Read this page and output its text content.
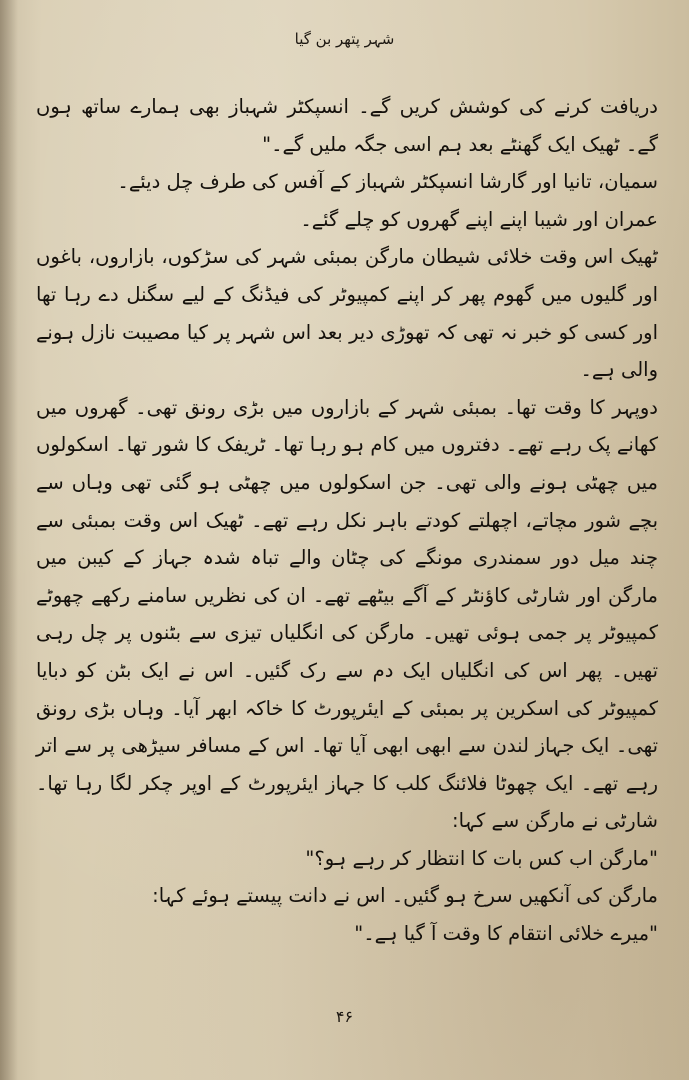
شہر پتھر بن گیا

دریافت کرنے کی کوشش کریں گے۔ انسپکٹر شہباز بھی ہمارے ساتھ ہوں گے۔ ٹھیک ایک گھنٹے بعد ہم اسی جگہ ملیں گے۔"

سمیان، تانیا اور گارشا انسپکٹر شہباز کے آفس کی طرف چل دیئے۔

عمران اور شیبا اپنے اپنے گھروں کو چلے گئے۔

ٹھیک اس وقت خلائی شیطان مارگن بمبئی شہر کی سڑکوں، بازاروں، باغوں اور گلیوں میں گھوم پھر کر اپنے کمپیوٹر کی فیڈنگ کے لیے سگنل دے رہا تھا اور کسی کو خبر نہ تھی کہ تھوڑی دیر بعد اس شہر پر کیا مصیبت نازل ہونے والی ہے۔

دوپہر کا وقت تھا۔ بمبئی شہر کے بازاروں میں بڑی رونق تھی۔ گھروں میں کھانے پک رہے تھے۔ دفتروں میں کام ہو رہا تھا۔ ٹریفک کا شور تھا۔ اسکولوں میں چھٹی ہونے والی تھی۔ جن اسکولوں میں چھٹی ہو گئی تھی وہاں سے بچے شور مچاتے، اچھلتے کودتے باہر نکل رہے تھے۔ ٹھیک اس وقت بمبئی سے چند میل دور سمندری مونگے کی چٹان والے تباہ شدہ جہاز کے کیبن میں مارگن اور شارٹی کاؤنٹر کے آگے بیٹھے تھے۔ ان کی نظریں سامنے رکھے چھوٹے کمپیوٹر پر جمی ہوئی تھیں۔ مارگن کی انگلیاں تیزی سے بٹنوں پر چل رہی تھیں۔ پھر اس کی انگلیاں ایک دم سے رک گئیں۔ اس نے ایک بٹن کو دبایا کمپیوٹر کی اسکرین پر بمبئی کے ایئرپورٹ کا خاکہ ابھر آیا۔ وہاں بڑی رونق تھی۔ ایک جہاز لندن سے ابھی ابھی آیا تھا۔ اس کے مسافر سیڑھی پر سے اتر رہے تھے۔ ایک چھوٹا فلائنگ کلب کا جہاز ایئرپورٹ کے اوپر چکر لگا رہا تھا۔ شارٹی نے مارگن سے کہا:

"مارگن اب کس بات کا انتظار کر رہے ہو؟"

مارگن کی آنکھیں سرخ ہو گئیں۔ اس نے دانت پیستے ہوئے کہا:

"میرے خلائی انتقام کا وقت آ گیا ہے۔"

۴۶
